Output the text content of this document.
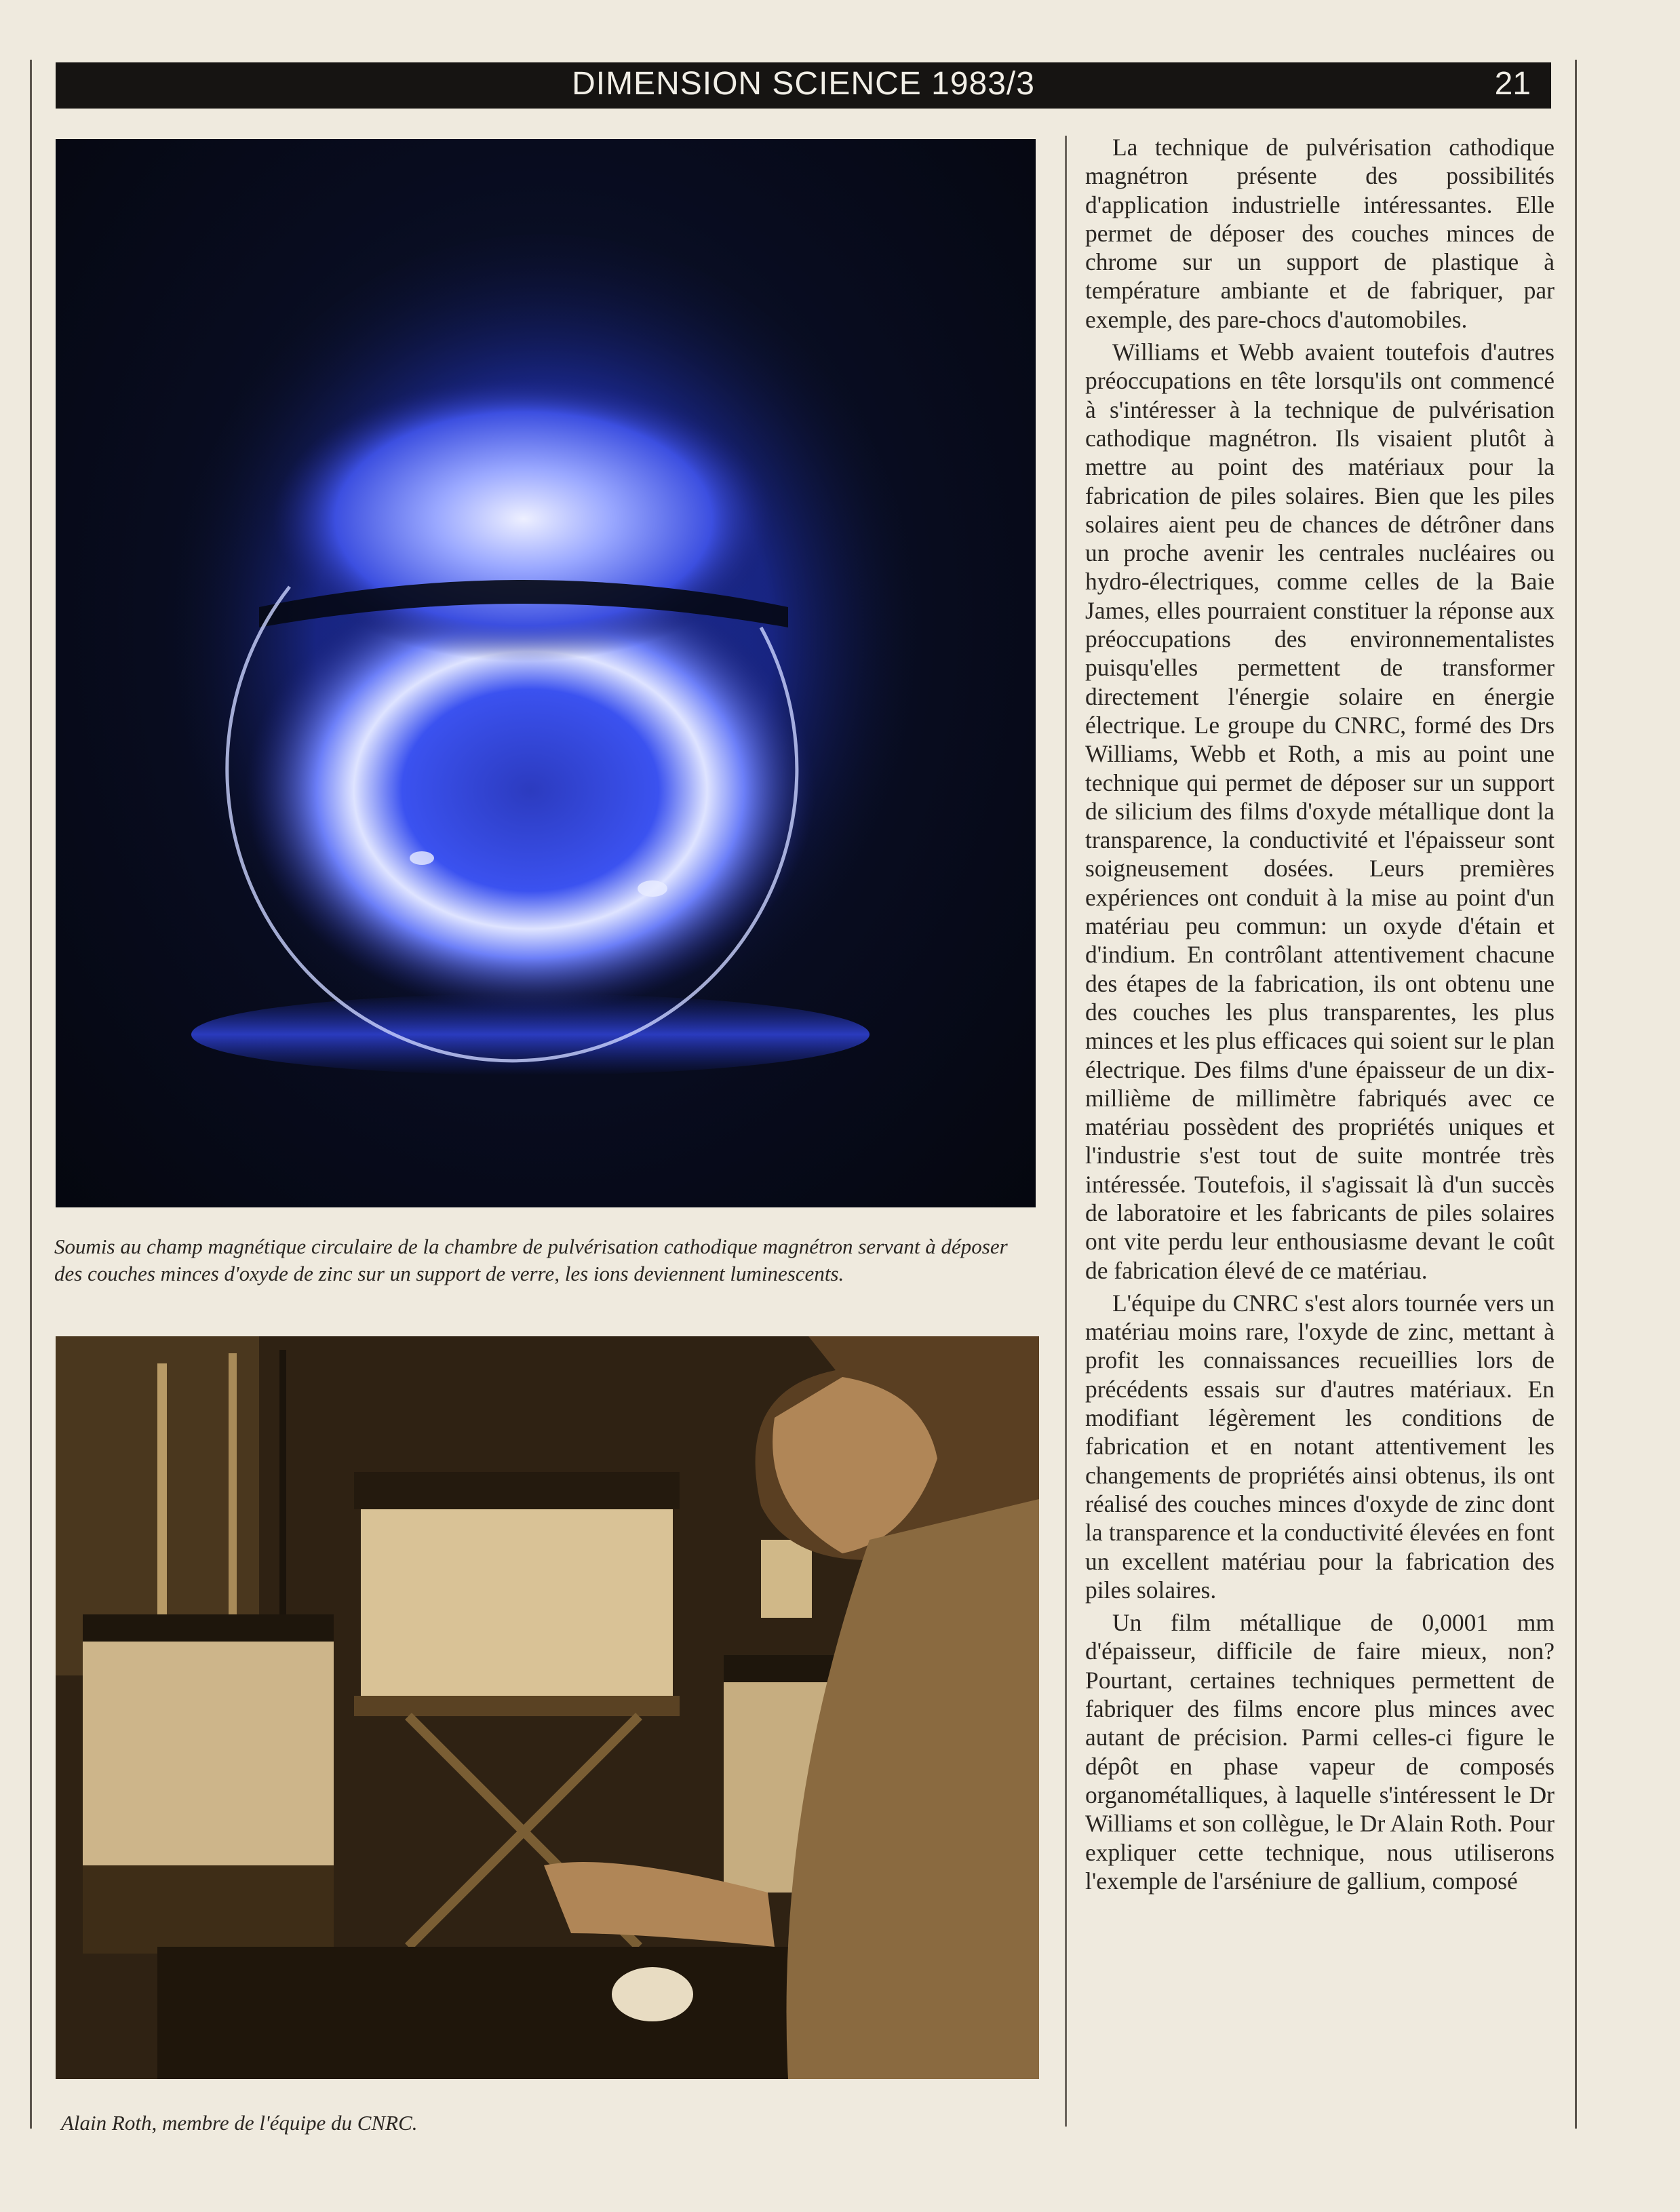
DIMENSION SCIENCE 1983/3	21
Soumis au champ magnétique circulaire de la chambre de pulvérisation cathodique magnétron servant à déposer des couches minces d'oxyde de zinc sur un support de verre, les ions deviennent luminescents.
Alain Roth, membre de l'équipe du CNRC.

La technique de pulvérisation cathodique magnétron présente des possibilités d'application industrielle intéressantes. Elle permet de déposer des couches minces de chrome sur un support de plastique à température ambiante et de fabriquer, par exemple, des pare-chocs d'automobiles.

Williams et Webb avaient toutefois d'autres préoccupations en tête lorsqu'ils ont commencé à s'intéresser à la technique de pulvérisation cathodique magnétron. Ils visaient plutôt à mettre au point des matériaux pour la fabrication de piles solaires. Bien que les piles solaires aient peu de chances de détrôner dans un proche avenir les centrales nucléaires ou hydro-électriques, comme celles de la Baie James, elles pourraient constituer la réponse aux préoccupations des environnementalistes puisqu'elles permettent de transformer directement l'énergie solaire en énergie électrique. Le groupe du CNRC, formé des Drs Williams, Webb et Roth, a mis au point une technique qui permet de déposer sur un support de silicium des films d'oxyde métallique dont la transparence, la conductivité et l'épaisseur sont soigneusement dosées. Leurs premières expériences ont conduit à la mise au point d'un matériau peu commun: un oxyde d'étain et d'indium. En contrôlant attentivement chacune des étapes de la fabrication, ils ont obtenu une des couches les plus transparentes, les plus minces et les plus efficaces qui soient sur le plan électrique. Des films d'une épaisseur de un dix-millième de millimètre fabriqués avec ce matériau possèdent des propriétés uniques et l'industrie s'est tout de suite montrée très intéressée. Toutefois, il s'agissait là d'un succès de laboratoire et les fabricants de piles solaires ont vite perdu leur enthousiasme devant le coût de fabrication élevé de ce matériau.

L'équipe du CNRC s'est alors tournée vers un matériau moins rare, l'oxyde de zinc, mettant à profit les connaissances recueillies lors de précédents essais sur d'autres matériaux. En modifiant légèrement les conditions de fabrication et en notant attentivement les changements de propriétés ainsi obtenus, ils ont réalisé des couches minces d'oxyde de zinc dont la transparence et la conductivité élevées en font un excellent matériau pour la fabrication des piles solaires.

Un film métallique de 0,0001 mm d'épaisseur, difficile de faire mieux, non? Pourtant, certaines techniques permettent de fabriquer des films encore plus minces avec autant de précision. Parmi celles-ci figure le dépôt en phase vapeur de composés organométalliques, à laquelle s'intéressent le Dr Williams et son collègue, le Dr Alain Roth. Pour expliquer cette technique, nous utiliserons l'exemple de l'arséniure de gallium, composé
